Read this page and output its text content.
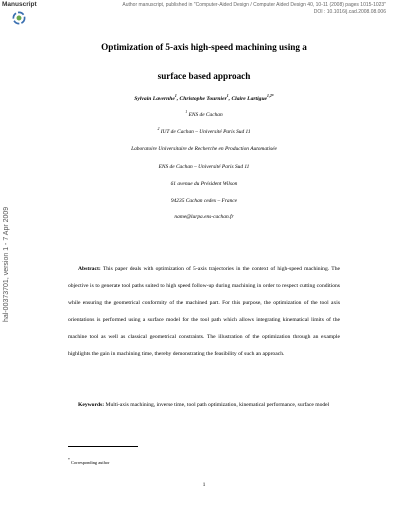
Manuscript	Author manuscript, published in "Computer-Aided Design / Computer Aided Design 40, 10-11 (2008) pages 1015-1023"
DOI : 10.1016/j.cad.2008.08.006
hal-00373701, version 1 - 7 Apr 2009
Optimization of 5-axis high-speed machining using a
surface based approach
Sylvain Lavernhe$^1$, Christophe Tournier$^1$, Claire Lartigue$^{1,2*}$
$^1$ ENS de Cachan
$^2$ IUT de Cachan – Université Paris Sud 11
Laboratoire Universitaire de Recherche en Production Automatisée
ENS de Cachan – Université Paris Sud 11
61 avenue du Président Wilson
94235 Cachan cedex – France
name@lurpa.ens-cachan.fr
Abstract: This paper deals with optimization of 5-axis trajectories in the context of high-speed machining. The objective is to generate tool paths suited to high speed follow-up during machining in order to respect cutting conditions while ensuring the geometrical conformity of the machined part. For this purpose, the optimization of the tool axis orientations is performed using a surface model for the tool path which allows integrating kinematical limits of the machine tool as well as classical geometrical constraints. The illustration of the optimization through an example highlights the gain in machining time, thereby demonstrating the feasibility of such an approach.
Keywords: Multi-axis machining, inverse time, tool path optimization, kinematical performance, surface model
* Corresponding author
1
